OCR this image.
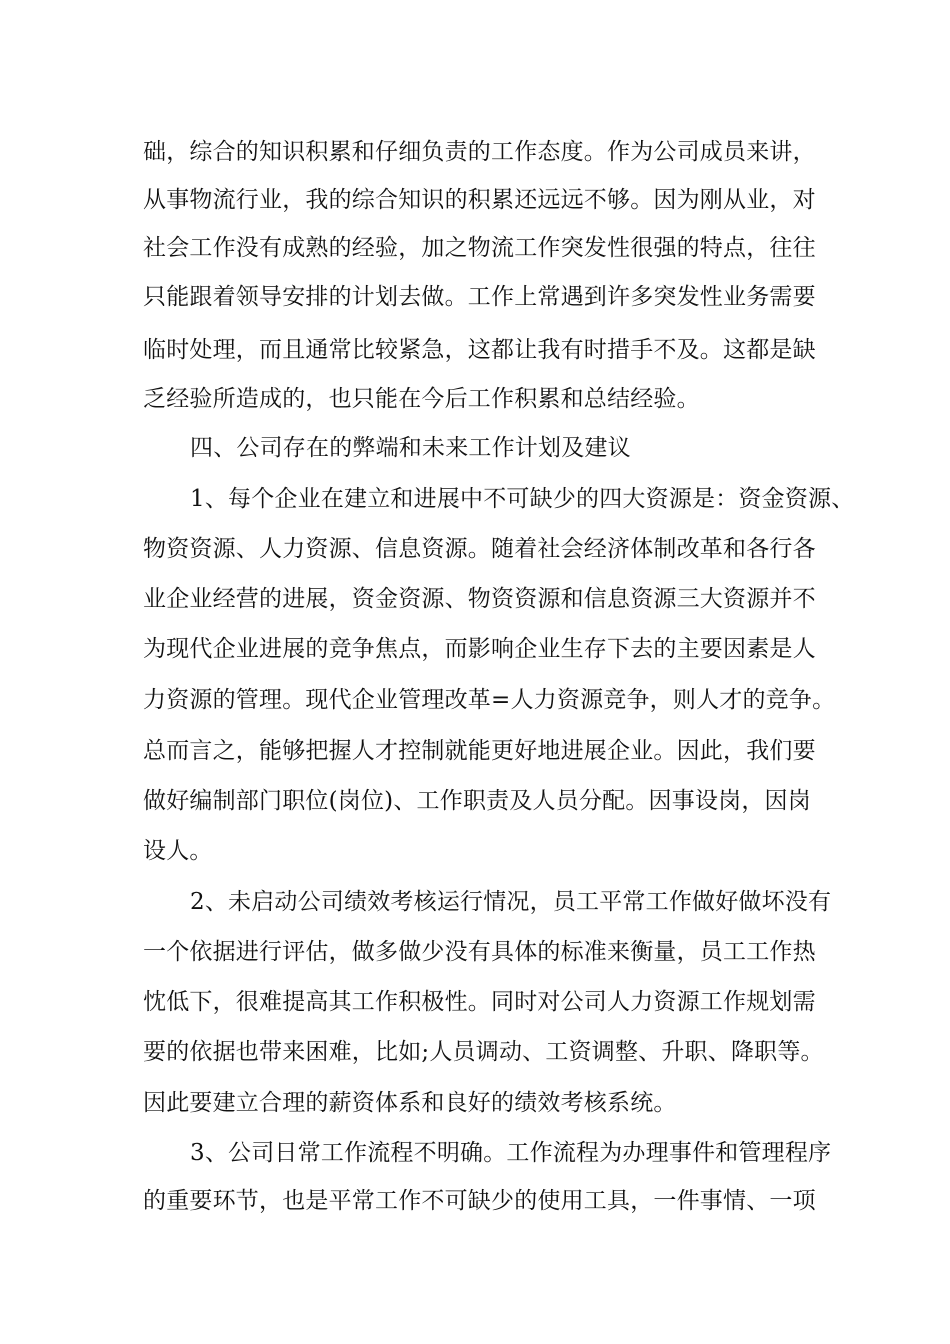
础，综合的知识积累和仔细负责的工作态度。作为公司成员来讲，
从事物流行业，我的综合知识的积累还远远不够。因为刚从业，对
社会工作没有成熟的经验，加之物流工作突发性很强的特点，往往
只能跟着领导安排的计划去做。工作上常遇到许多突发性业务需要
临时处理，而且通常比较紧急，这都让我有时措手不及。这都是缺
乏经验所造成的，也只能在今后工作积累和总结经验。
四、公司存在的弊端和未来工作计划及建议
1、每个企业在建立和进展中不可缺少的四大资源是：资金资源、
物资资源、人力资源、信息资源。随着社会经济体制改革和各行各
业企业经营的进展，资金资源、物资资源和信息资源三大资源并不
为现代企业进展的竞争焦点，而影响企业生存下去的主要因素是人
力资源的管理。现代企业管理改革=人力资源竞争，则人才的竞争。
总而言之，能够把握人才控制就能更好地进展企业。因此，我们要
做好编制部门职位(岗位)、工作职责及人员分配。因事设岗，因岗
设人。
2、未启动公司绩效考核运行情况，员工平常工作做好做坏没有
一个依据进行评估，做多做少没有具体的标准来衡量，员工工作热
忱低下，很难提高其工作积极性。同时对公司人力资源工作规划需
要的依据也带来困难，比如;人员调动、工资调整、升职、降职等。
因此要建立合理的薪资体系和良好的绩效考核系统。
3、公司日常工作流程不明确。工作流程为办理事件和管理程序
的重要环节，也是平常工作不可缺少的使用工具，一件事情、一项
